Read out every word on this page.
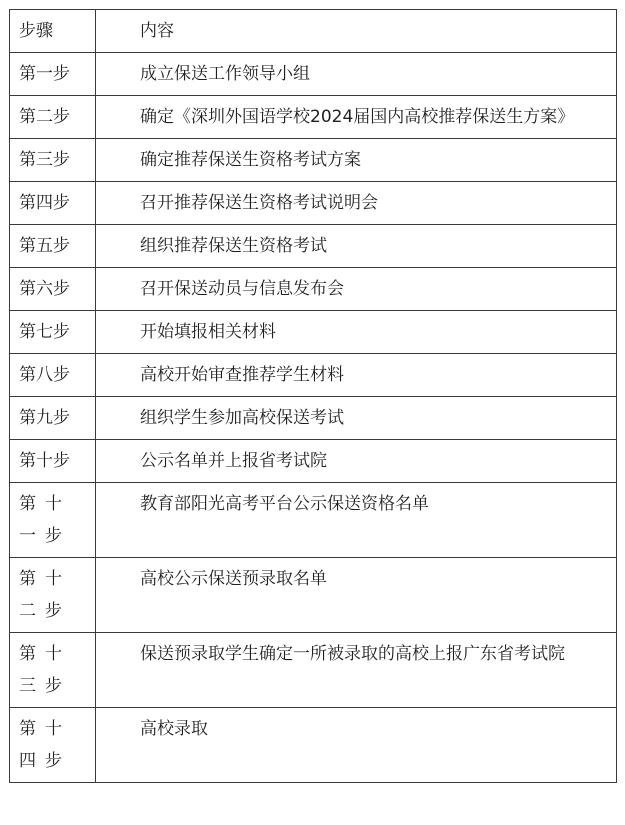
步骤	内容
第一步	成立保送工作领导小组
第二步	确定《深圳外国语学校2024届国内高校推荐保送生方案》
第三步	确定推荐保送生资格考试方案
第四步	召开推荐保送生资格考试说明会
第五步	组织推荐保送生资格考试
第六步	召开保送动员与信息发布会
第七步	开始填报相关材料
第八步	高校开始审查推荐学生材料
第九步	组织学生参加高校保送考试
第十步	公示名单并上报省考试院
第十一步	教育部阳光高考平台公示保送资格名单
第十二步	高校公示保送预录取名单
第十三步	保送预录取学生确定一所被录取的高校上报广东省考试院
第十四步	高校录取
